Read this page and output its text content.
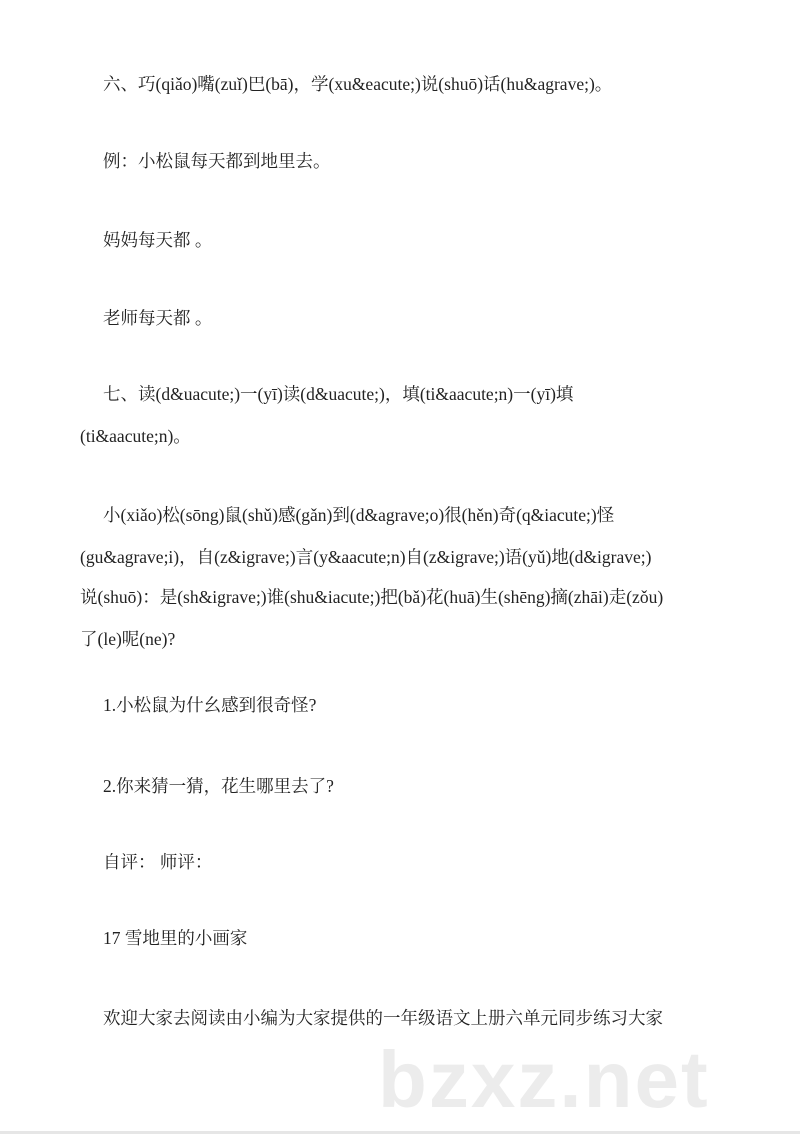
六、巧(qiǎo)嘴(zuǐ)巴(bā)，学(xu&eacute;)说(shuō)话(hu&agrave;)。
例：小松鼠每天都到地里去。
妈妈每天都 。
老师每天都 。
七、读(d&uacute;)一(yī)读(d&uacute;)，填(ti&aacute;n)一(yī)填
(ti&aacute;n)。
小(xiǎo)松(sōng)鼠(shǔ)感(gǎn)到(d&agrave;o)很(hěn)奇(q&iacute;)怪
(gu&agrave;i)，自(z&igrave;)言(y&aacute;n)自(z&igrave;)语(yǔ)地(d&igrave;)
说(shuō)：是(sh&igrave;)谁(shu&iacute;)把(bǎ)花(huā)生(shēng)摘(zhāi)走(zǒu)
了(le)呢(ne)?
1.小松鼠为什幺感到很奇怪?
2.你来猜一猜，花生哪里去了?
自评： 师评：
17 雪地里的小画家
欢迎大家去阅读由小编为大家提供的一年级语文上册六单元同步练习大家
bzxz.net
